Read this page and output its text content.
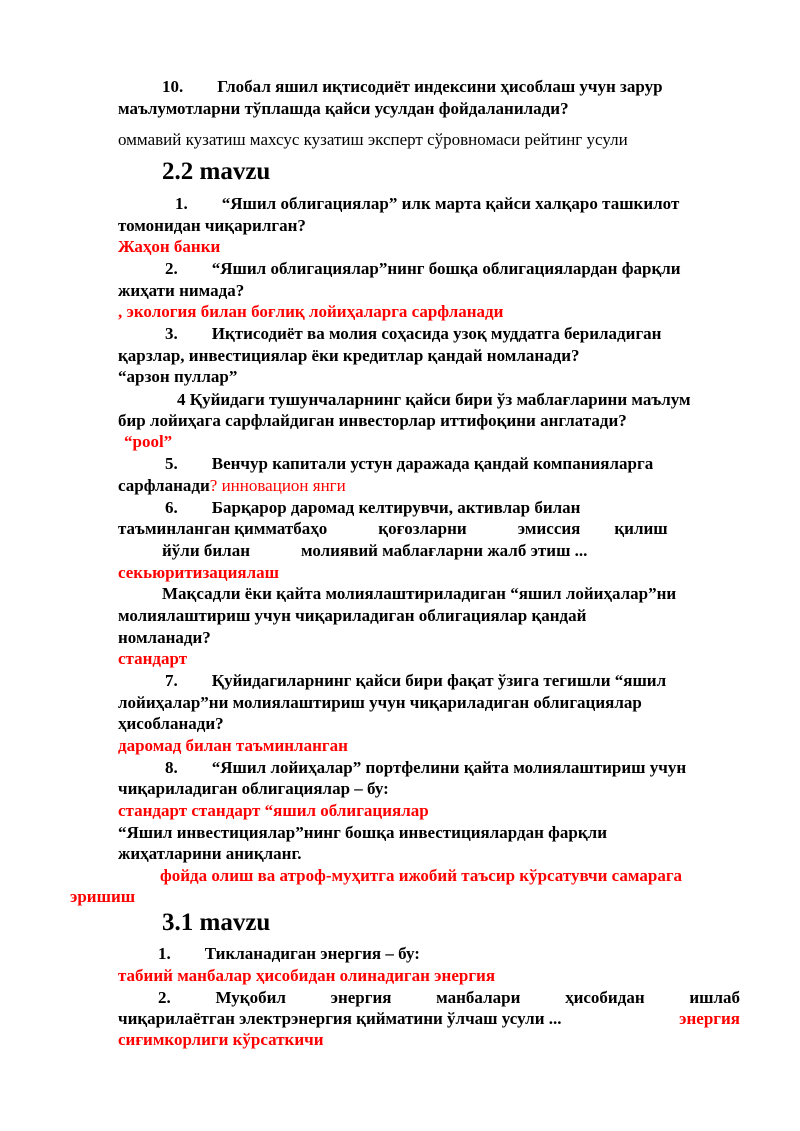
10.  Глобал яшил иқтисодиёт индексини ҳисоблаш учун зарур

маълумотларни тўплашда қайси усулдан фойдаланилади?

оммавий кузатиш махсус кузатиш эксперт сўровномаси рейтинг усули

2.2 mavzu

1.  “Яшил облигациялар” илк марта қайси халқаро ташкилот

томонидан чиқарилган?

Жаҳон банки

2.  “Яшил облигациялар”нинг бошқа облигациялардан фарқли

жиҳати нимада?

, экология билан боғлиқ лойиҳаларга сарфланади

3.  Иқтисодиёт ва молия соҳасида узоқ муддатга бериладиган

қарзлар, инвестициялар ёки кредитлар қандай номланади?

“арзон пуллар”

4 Қуйидаги тушунчаларнинг қайси бири ўз маблағларини маълум

бир лойиҳага сарфлайдиган инвесторлар иттифоқини англатади?

“pool”

5.  Венчур капитали устун даражада қандай компанияларга

сарфланади? инновацион янги

6.  Барқарор даромад келтирувчи, активлар билан

таъминланган қимматбаҳо   қоғозларни   эмиссия  қилиш

йўли билан   молиявий маблағларни жалб этиш ...

секьюритизациялаш

Мақсадли ёки қайта молиялаштириладиган “яшил лойиҳалар”ни

молиялаштириш учун чиқариладиган облигациялар қандай

номланади?

стандарт

7.  Қуйидагиларнинг қайси бири фақат ўзига тегишли “яшил

лойиҳалар”ни молиялаштириш учун чиқариладиган облигациялар

ҳисобланади?

даромад билан таъминланган

8.  “Яшил лойиҳалар” портфелини қайта молиялаштириш учун

чиқариладиган облигациялар – бу:

стандарт стандарт “яшил облигациялар

“Яшил инвестициялар”нинг бошқа инвестициялардан фарқли

жиҳатларини аниқланг.

фойда олиш ва атроф-муҳитга ижобий таъсир кўрсатувчи самарага

эришиш

3.1 mavzu

1.  Тикланадиган энергия – бу:

табиий манбалар ҳисобидан олинадиган энергия

2.	Муқобил	энергия	манбалари	ҳисобидан	ишлаб

чиқарилаётган электрэнергия қийматини ўлчаш усули ...	энергия

сиғимкорлиги кўрсаткичи
